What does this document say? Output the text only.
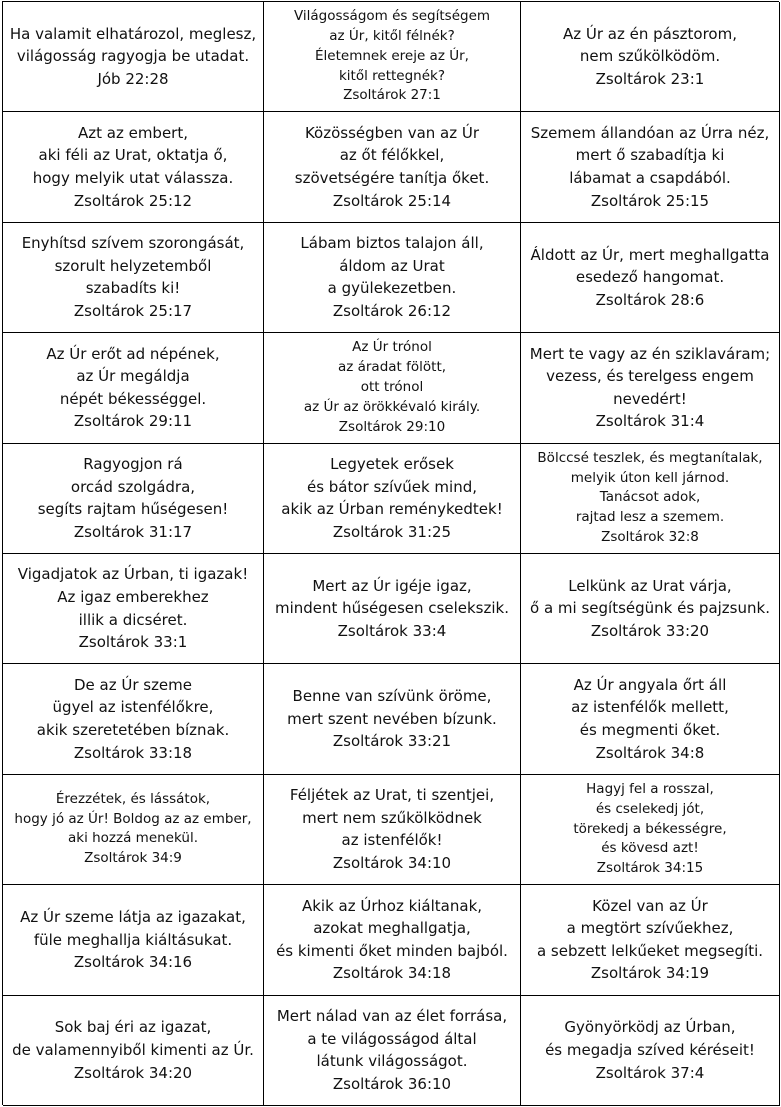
Ha valamit elhatározol, meglesz,
világosság ragyogja be utadat.
Jób 22:28
Világosságom és segítségem
az Úr, kitől félnék?
Életemnek ereje az Úr,
kitől rettegnék?
Zsoltárok 27:1
Az Úr az én pásztorom,
nem szűkölködöm.
Zsoltárok 23:1
Azt az embert,
aki féli az Urat, oktatja ő,
hogy melyik utat válassza.
Zsoltárok 25:12
Közösségben van az Úr
az őt félőkkel,
szövetségére tanítja őket.
Zsoltárok 25:14
Szemem állandóan az Úrra néz,
mert ő szabadítja ki
lábamat a csapdából.
Zsoltárok 25:15
Enyhítsd szívem szorongását,
szorult helyzetemből
szabadíts ki!
Zsoltárok 25:17
Lábam biztos talajon áll,
áldom az Urat
a gyülekezetben.
Zsoltárok 26:12
Áldott az Úr, mert meghallgatta
esedező hangomat.
Zsoltárok 28:6
Az Úr erőt ad népének,
az Úr megáldja
népét békességgel.
Zsoltárok 29:11
Az Úr trónol
az áradat fölött,
ott trónol
az Úr az örökkévaló király.
Zsoltárok 29:10
Mert te vagy az én sziklaváram;
vezess, és terelgess engem
nevedért!
Zsoltárok 31:4
Ragyogjon rá
orcád szolgádra,
segíts rajtam hűségesen!
Zsoltárok 31:17
Legyetek erősek
és bátor szívűek mind,
akik az Úrban reménykedtek!
Zsoltárok 31:25
Bölccsé teszlek, és megtanítalak,
melyik úton kell járnod.
Tanácsot adok,
rajtad lesz a szemem.
Zsoltárok 32:8
Vigadjatok az Úrban, ti igazak!
Az igaz emberekhez
illik a dicséret.
Zsoltárok 33:1
Mert az Úr igéje igaz,
mindent hűségesen cselekszik.
Zsoltárok 33:4
Lelkünk az Urat várja,
ő a mi segítségünk és pajzsunk.
Zsoltárok 33:20
De az Úr szeme
ügyel az istenfélőkre,
akik szeretetében bíznak.
Zsoltárok 33:18
Benne van szívünk öröme,
mert szent nevében bízunk.
Zsoltárok 33:21
Az Úr angyala őrt áll
az istenfélők mellett,
és megmenti őket.
Zsoltárok 34:8
Érezzétek, és lássátok,
hogy jó az Úr! Boldog az az ember,
aki hozzá menekül.
Zsoltárok 34:9
Féljétek az Urat, ti szentjei,
mert nem szűkölködnek
az istenfélők!
Zsoltárok 34:10
Hagyj fel a rosszal,
és cselekedj jót,
törekedj a békességre,
és kövesd azt!
Zsoltárok 34:15
Az Úr szeme látja az igazakat,
füle meghallja kiáltásukat.
Zsoltárok 34:16
Akik az Úrhoz kiáltanak,
azokat meghallgatja,
és kimenti őket minden bajból.
Zsoltárok 34:18
Közel van az Úr
a megtört szívűekhez,
a sebzett lelkűeket megsegíti.
Zsoltárok 34:19
Sok baj éri az igazat,
de valamennyiből kimenti az Úr.
Zsoltárok 34:20
Mert nálad van az élet forrása,
a te világosságod által
látunk világosságot.
Zsoltárok 36:10
Gyönyörködj az Úrban,
és megadja szíved kéréseit!
Zsoltárok 37:4
